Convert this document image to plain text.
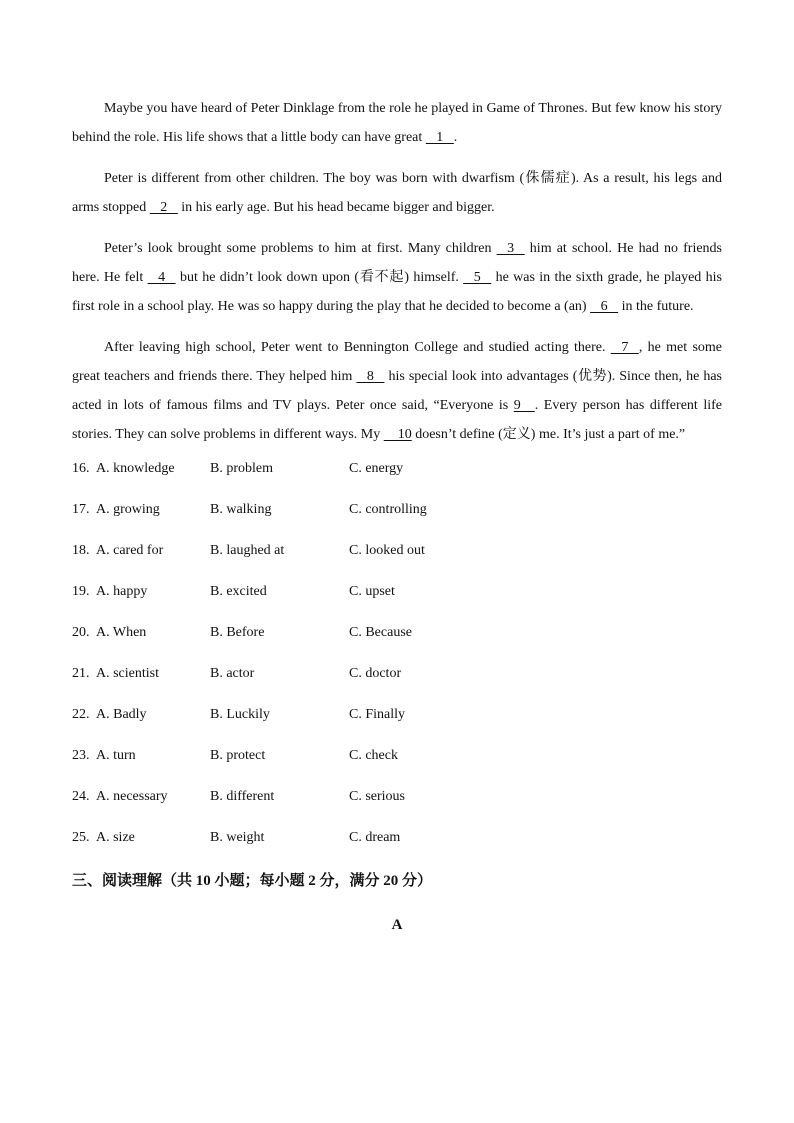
Maybe you have heard of Peter Dinklage from the role he played in Game of Thrones. But few know his story behind the role. His life shows that a little body can have great    1   .

Peter is different from other children. The boy was born with dwarfism (侏儒症). As a result, his legs and arms stopped    2    in his early age. But his head became bigger and bigger.

Peter’s look brought some problems to him at first. Many children    3    him at school. He had no friends here. He felt    4    but he didn’t look down upon (看不起) himself.    5    he was in the sixth grade, he played his first role in a school play. He was so happy during the play that he decided to become a (an)    6    in the future.

After leaving high school, Peter went to Bennington College and studied acting there.    7   , he met some great teachers and friends there. They helped him    8    his special look into advantages (优势). Since then, he has acted in lots of famous films and TV plays. Peter once said, “Everyone is 9    . Every person has different life stories. They can solve problems in different ways. My     10 doesn’t define (定义) me. It’s just a part of me.”

16. A. knowledge	B. problem	C. energy
17. A. growing	B. walking	C. controlling
18. A. cared for	B. laughed at	C. looked out
19. A. happy	B. excited	C. upset
20. A. When	B. Before	C. Because
21. A. scientist	B. actor	C. doctor
22. A. Badly	B. Luckily	C. Finally
23. A. turn	B. protect	C. check
24. A. necessary	B. different	C. serious
25. A. size	B. weight	C. dream
三、阅读理解（共 10 小题；每小题 2 分，满分 20 分）
A
